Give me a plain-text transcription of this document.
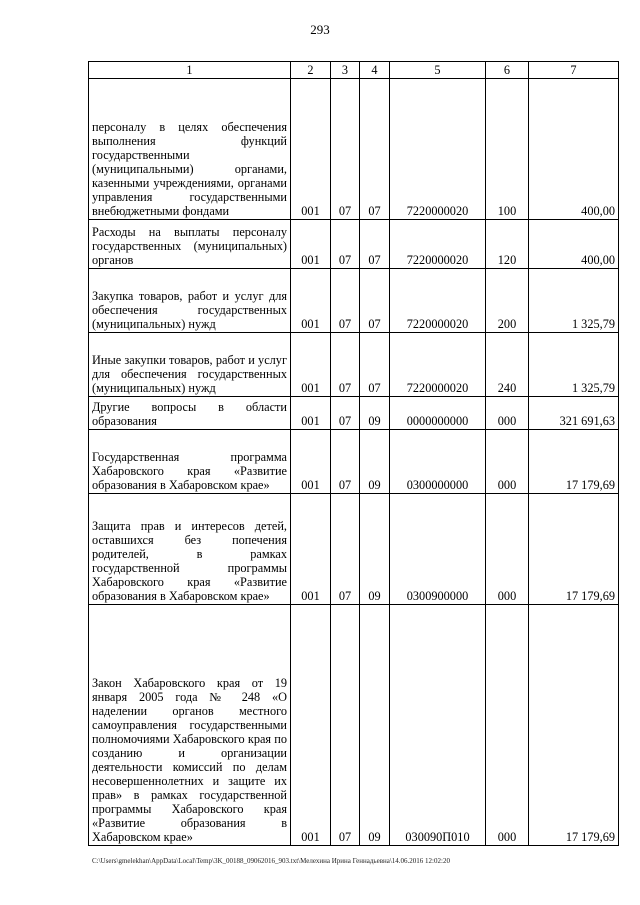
293
1	2	3	4	5	6	7
персоналу в целях обеспечения выполнения функций государственными (муниципальными) органами, казенными учреждениями, органами управления государственными внебюджетными фондами	001	07	07	7220000020	100	400,00
Расходы на выплаты персоналу государственных (муниципальных) органов	001	07	07	7220000020	120	400,00
Закупка товаров, работ и услуг для обеспечения государственных (муниципальных) нужд	001	07	07	7220000020	200	1 325,79
Иные закупки товаров, работ и услуг для обеспечения государственных (муниципальных) нужд	001	07	07	7220000020	240	1 325,79
Другие вопросы в области образования	001	07	09	0000000000	000	321 691,63
Государственная программа Хабаровского края «Развитие образования в Хабаровском крае»	001	07	09	0300000000	000	17 179,69
Защита прав и интересов детей, оставшихся без попечения родителей, в рамках государственной программы Хабаровского края «Развитие образования в Хабаровском крае»	001	07	09	0300900000	000	17 179,69
Закон Хабаровского края от 19 января 2005 года № 248 «О наделении органов местного самоуправления государственными полномочиями Хабаровского края по созданию и организации деятельности комиссий по делам несовершеннолетних и защите их прав» в рамках государственной программы Хабаровского края «Развитие образования в Хабаровском крае»	001	07	09	030090П010	000	17 179,69
C:\Users\gmelekhan\AppData\Local\Temp\3K_00188_09062016_903.txt\Мелехина Ирина Геннадьевна\14.06.2016 12:02:20
